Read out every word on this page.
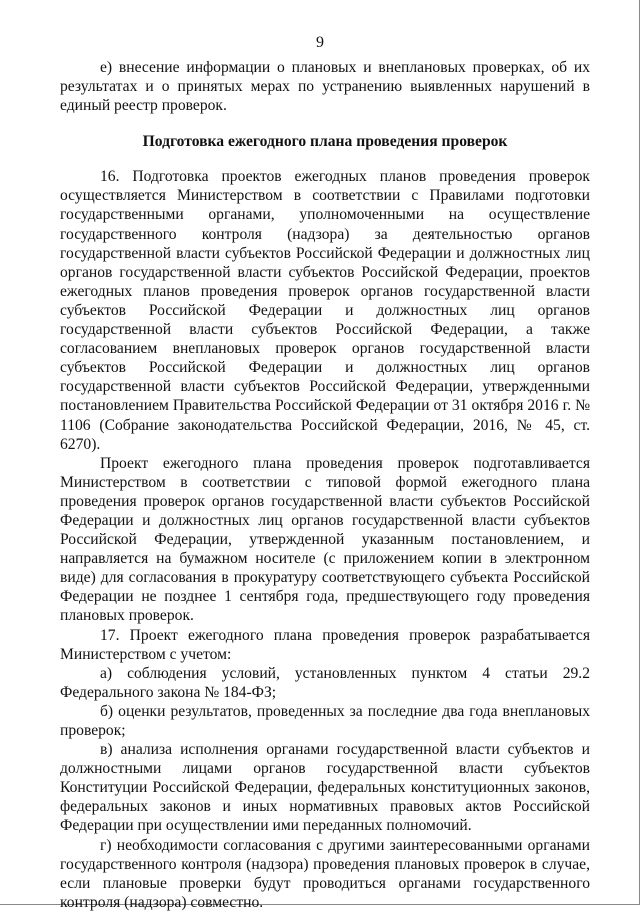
9

е) внесение информации о плановых и внеплановых проверках, об их результатах и о принятых мерах по устранению выявленных нарушений в единый реестр проверок.

Подготовка ежегодного плана проведения проверок

16. Подготовка проектов ежегодных планов проведения проверок осуществляется Министерством в соответствии с Правилами подготовки государственными органами, уполномоченными на осуществление государственного контроля (надзора) за деятельностью органов государственной власти субъектов Российской Федерации и должностных лиц органов государственной власти субъектов Российской Федерации, проектов ежегодных планов проведения проверок органов государственной власти субъектов Российской Федерации и должностных лиц органов государственной власти субъектов Российской Федерации, а также согласованием внеплановых проверок органов государственной власти субъектов Российской Федерации и должностных лиц органов государственной власти субъектов Российской Федерации, утвержденными постановлением Правительства Российской Федерации от 31 октября 2016 г. № 1106 (Собрание законодательства Российской Федерации, 2016, № 45, ст. 6270).

Проект ежегодного плана проведения проверок подготавливается Министерством в соответствии с типовой формой ежегодного плана проведения проверок органов государственной власти субъектов Российской Федерации и должностных лиц органов государственной власти субъектов Российской Федерации, утвержденной указанным постановлением, и направляется на бумажном носителе (с приложением копии в электронном виде) для согласования в прокуратуру соответствующего субъекта Российской Федерации не позднее 1 сентября года, предшествующего году проведения плановых проверок.

17. Проект ежегодного плана проведения проверок разрабатывается Министерством с учетом:

а) соблюдения условий, установленных пунктом 4 статьи 29.2 Федерального закона № 184-ФЗ;

б) оценки результатов, проведенных за последние два года внеплановых проверок;

в) анализа исполнения органами государственной власти субъектов и должностными лицами органов государственной власти субъектов Конституции Российской Федерации, федеральных конституционных законов, федеральных законов и иных нормативных правовых актов Российской Федерации при осуществлении ими переданных полномочий.

г) необходимости согласования с другими заинтересованными органами государственного контроля (надзора) проведения плановых проверок в случае, если плановые проверки будут проводиться органами государственного контроля (надзора) совместно.
